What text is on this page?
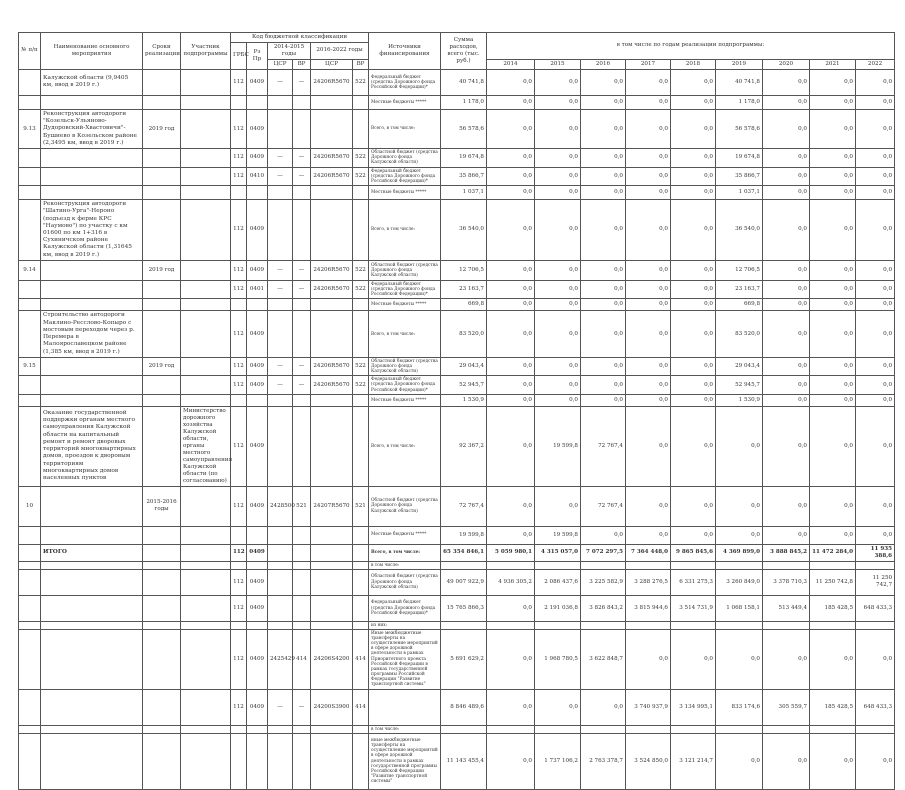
№ п/п	Наименование основного мероприятия	Сроки реализации	Участник подпрограммы	Код бюджетной классификации						Источники финансирования	Сумма расходов, всего (тыс. руб.)	в том числе по годам реализации подпрограммы:								
				ГРБС	Рз Пр	2014-2015 годы		2016-2022 годы												
						ЦСР	ВР	ЦСР	ВР			2014	2015	2016	2017	2018	2019	2020	2021	2022
	Калужской области (9,9405 км, ввод в 2019 г.)			112	0409	—	—	24206R5670	522	Федеральный бюджет (средства Дорожного фонда Российской Федерации)*	40 741,8	0,0	0,0	0,0	0,0	0,0	40 741,8	0,0	0,0	0,0
										Местные бюджеты *****	1 178,0	0,0	0,0	0,0	0,0	0,0	1 178,0	0,0	0,0	0,0
9.13	Реконструкция автодороги "Козельск-Ульяново-Дудоровский-Хвастовичи"-Бушнево в Козельском районе (2,3495 км, ввод в 2019 г.)	2019 год		112	0409					Всего, в том числе:	56 578,6	0,0	0,0	0,0	0,0	0,0	56 578,6	0,0	0,0	0,0
				112	0409	—	—	24206R5670	522	Областной бюджет (средства Дорожного фонда Калужской области)	19 674,8	0,0	0,0	0,0	0,0	0,0	19 674,8	0,0	0,0	0,0
				112	0410	—	—	24206R5670	522	Федеральный бюджет (средства Дорожного фонда Российской Федерации)*	35 866,7	0,0	0,0	0,0	0,0	0,0	35 866,7	0,0	0,0	0,0
										Местные бюджеты *****	1 037,1	0,0	0,0	0,0	0,0	0,0	1 037,1	0,0	0,0	0,0
	Реконструкция автодороги "Шатино-Урга"-Нероно (подъезд к ферме КРС "Наумово") по участку с км 01600 по км 1+316 в Сухиничском районе Калужской области (1,31645 км, ввод в 2019 г.)			112	0409					Всего, в том числе:	36 540,0	0,0	0,0	0,0	0,0	0,0	36 540,0	0,0	0,0	0,0
9.14		2019 год		112	0409	—	—	24206R5670	522	Областной бюджет (средства Дорожного фонда Калужской области)	12 706,5	0,0	0,0	0,0	0,0	0,0	12 706,5	0,0	0,0	0,0
				112	0401	—	—	24206R5670	522	Федеральный бюджет (средства Дорожного фонда Российской Федерации)*	23 163,7	0,0	0,0	0,0	0,0	0,0	23 163,7	0,0	0,0	0,0
										Местные бюджеты *****	669,8	0,0	0,0	0,0	0,0	0,0	669,8	0,0	0,0	0,0
	Строительство автодороги Маклино-Ресслово-Копыро с мостовым переходом через р. Перемера в Малоярославецком районе (1,385 км, ввод в 2019 г.)			112	0409					Всего, в том числе:	83 520,0	0,0	0,0	0,0	0,0	0,0	83 520,0	0,0	0,0	0,0
9.15		2019 год		112	0409	—	—	24206R5670	522	Областной бюджет (средства Дорожного фонда Калужской области)	29 043,4	0,0	0,0	0,0	0,0	0,0	29 043,4	0,0	0,0	0,0
				112	0409	—	—	24206R5670	522	Федеральный бюджет (средства Дорожного фонда Российской Федерации)*	52 945,7	0,0	0,0	0,0	0,0	0,0	52 945,7	0,0	0,0	0,0
										Местные бюджеты *****	1 530,9	0,0	0,0	0,0	0,0	0,0	1 530,9	0,0	0,0	0,0
	Оказание государственной поддержки органам местного самоуправления Калужской области на капитальный ремонт и ремонт дворовых территорий многоквартирных домов, проездов к дворовым территориям многоквартирных домов населенных пунктов		Министерство дорожного хозяйства Калужской области, органы местного самоуправления Калужской области (по согласованию)	112	0409					Всего, в том числе:	92 367,2	0,0	19 599,8	72 767,4	0,0	0,0	0,0	0,0	0,0	0,0
10		2015-2016 годы		112	0409	2428500	521	24207R5670	521	Областной бюджет (средства Дорожного фонда Калужской области)	72 767,4	0,0	0,0	72 767,4	0,0	0,0	0,0	0,0	0,0	0,0
										Местные бюджеты *****	19 599,8	0,0	19 599,8	0,0	0,0	0,0	0,0	0,0	0,0	0,0
	ИТОГО			112	0409					Всего, в том числе:	65 354 846,1	5 059 980,1	4 315 057,0	7 072 297,5	7 364 448,0	9 865 845,6	4 369 899,0	3 888 845,2	11 472 284,0	11 935 388,6
										в том числе:										
				112	0409					Областной бюджет (средства Дорожного фонда Калужской области)	49 007 922,9	4 936 305,2	2 086 437,6	3 225 582,9	3 288 276,5	6 331 275,3	3 260 849,0	3 378 710,3	11 250 742,8	11 250 742,7
				112	0409					Федеральный бюджет (средства Дорожного фонда Российской Федерации)*	15 765 866,3	0,0	2 191 036,8	3 826 843,2	3 815 944,6	3 514 731,9	1 068 158,1	513 449,4	185 428,5	648 433,3
										из них:										
				112	0409	2425429	414	24206S4200	414	Иные межбюджетные трансферты на осуществление мероприятий в сфере дорожной деятельности в рамках Приоритетного проекта Российской Федерации в рамках государственной программы Российской Федерации "Развитие транспортной системы"	5 691 629,2	0,0	1 968 780,5	3 622 848,7	0,0	0,0	0,0	0,0	0,0	0,0
				112	0409	—	—	24200S3900	414		8 846 489,6	0,0	0,0	0,0	3 740 937,9	3 134 995,1	833 174,6	305 559,7	185 428,5	648 433,3
										в том числе:										
										иные межбюджетные трансферты на осуществление мероприятий в сфере дорожной деятельности в рамках государственной программы Российской Федерации "Развитие транспортной системы"	11 143 455,4	0,0	1 737 106,2	2 763 378,7	3 524 850,0	3 121 214,7	0,0	0,0	0,0	0,0
